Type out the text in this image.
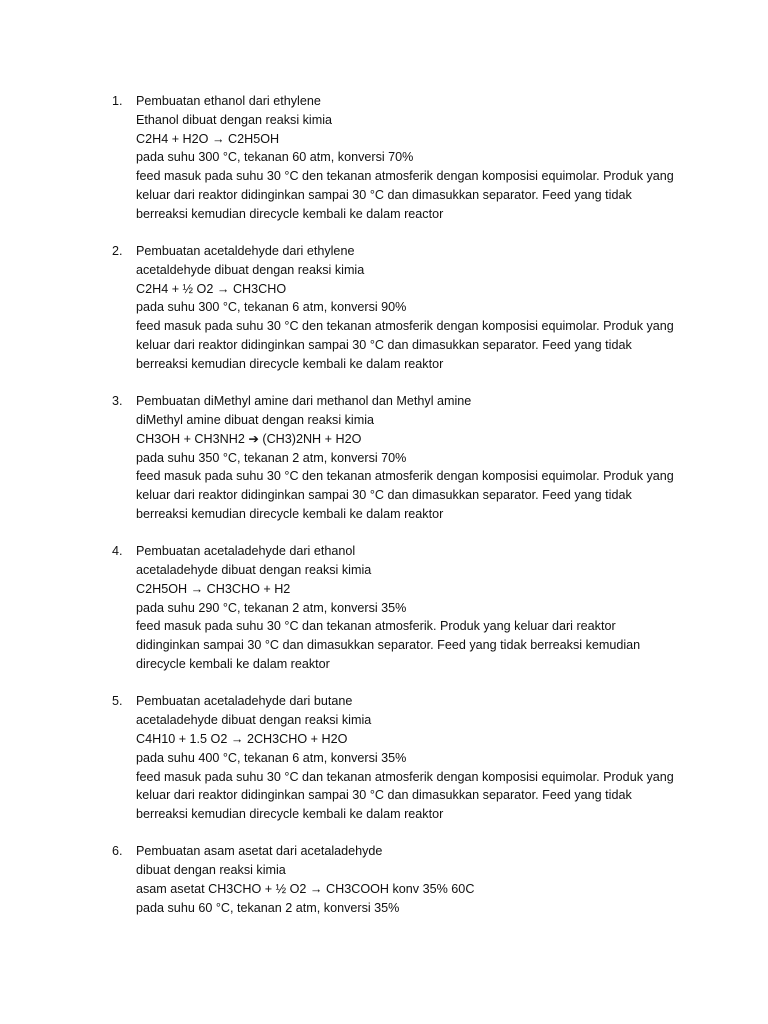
1. Pembuatan ethanol dari ethylene
Ethanol dibuat dengan reaksi kimia
C2H4 + H2O → C2H5OH
pada suhu 300 °C, tekanan 60 atm, konversi 70%
feed masuk pada suhu 30 °C den tekanan atmosferik dengan komposisi equimolar. Produk yang
keluar dari reaktor didinginkan sampai 30 °C dan dimasukkan separator. Feed yang tidak
berreaksi kemudian direcycle kembali ke dalam reactor
2. Pembuatan acetaldehyde dari ethylene
acetaldehyde dibuat dengan reaksi kimia
C2H4 + ½ O2 → CH3CHO
pada suhu 300 °C, tekanan 6 atm, konversi 90%
feed masuk pada suhu 30 °C den tekanan atmosferik dengan komposisi equimolar. Produk yang
keluar dari reaktor didinginkan sampai 30 °C dan dimasukkan separator. Feed yang tidak
berreaksi kemudian direcycle kembali ke dalam reaktor
3. Pembuatan diMethyl amine dari methanol dan Methyl amine
diMethyl amine dibuat dengan reaksi kimia
CH3OH + CH3NH2 ➔ (CH3)2NH + H2O
pada suhu 350 °C, tekanan 2 atm, konversi 70%
feed masuk pada suhu 30 °C den tekanan atmosferik dengan komposisi equimolar. Produk yang
keluar dari reaktor didinginkan sampai 30 °C dan dimasukkan separator. Feed yang tidak
berreaksi kemudian direcycle kembali ke dalam reaktor
4. Pembuatan acetaladehyde dari ethanol
acetaladehyde dibuat dengan reaksi kimia
C2H5OH → CH3CHO + H2
pada suhu 290 °C, tekanan 2 atm, konversi 35%
feed masuk pada suhu 30 °C dan tekanan atmosferik. Produk yang keluar dari reaktor
didinginkan sampai 30 °C dan dimasukkan separator. Feed yang tidak berreaksi kemudian
direcycle kembali ke dalam reaktor
5. Pembuatan acetaladehyde dari butane
acetaladehyde dibuat dengan reaksi kimia
C4H10 + 1.5 O2 → 2CH3CHO + H2O
pada suhu 400 °C, tekanan 6 atm, konversi 35%
feed masuk pada suhu 30 °C dan tekanan atmosferik dengan komposisi equimolar. Produk yang
keluar dari reaktor didinginkan sampai 30 °C dan dimasukkan separator. Feed yang tidak
berreaksi kemudian direcycle kembali ke dalam reaktor
6. Pembuatan asam asetat dari acetaladehyde
dibuat dengan reaksi kimia
asam asetat CH3CHO + ½ O2 → CH3COOH konv 35% 60C
pada suhu 60 °C, tekanan 2 atm, konversi 35%
